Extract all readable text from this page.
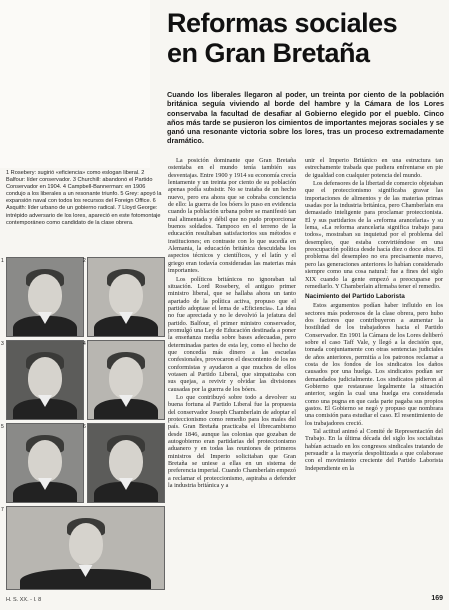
Reformas sociales
en Gran Bretaña

Cuando los liberales llegaron al poder, un treinta por ciento de la población británica seguía viviendo al borde del hambre y la Cámara de los Lores conservaba la facultad de desafiar al Gobierno elegido por el pueblo. Cinco años más tarde se pusieron los cimientos de importantes mejoras sociales y se ganó una resonante victoria sobre los lores, tras un proceso extremadamente dramático.

1 Rosebery: sugirió «eficiencia» como eslogan liberal. 2 Balfour: líder conservador. 3 Churchill: abandonó el Partido Conservador en 1904. 4 Campbell-Bannerman: en 1906 condujo a los liberales a un resonante triunfo. 5 Grey: apoyó la expansión naval con todos los recursos del Foreign Office. 6 Asquith: líder urbano de un gobierno radical. 7 Lloyd George: intrépido adversario de los lores, apareció en este fotomontaje contemporáneo como candidato de la clase obrera.

1	2
3	4
5	6
7

La posición dominante que Gran Bretaña ostentaba en el mundo tenía también sus desventajas. Entre 1900 y 1914 su economía crecía lentamente y un treinta por ciento de su población apenas podía subsistir. No se trataba de un hecho nuevo, pero era ahora que se cobraba conciencia de ello: la guerra de los bóers lo puso en evidencia cuando la población urbana pobre se manifestó tan mal alimentada y débil que no pudo proporcionar buenos soldados. Tampoco en el terreno de la educación resultaban satisfactorios sus métodos e instituciones; en contraste con lo que sucedía en Alemania, la educación británica descuidaba los aspectos técnicos y científicos, y el latín y el griego eran todavía consideradas las materias más importantes.

Los políticos británicos no ignoraban tal situación. Lord Rosebery, el antiguo primer ministro liberal, que se hallaba ahora un tanto apartado de la política activa, propuso que el partido adoptase el lema de «Eficiencia». La idea no fue apreciada y no le devolvió la jefatura del partido. Balfour, el primer ministro conservador, promulgó una Ley de Educación destinada a poner la enseñanza media sobre bases adecuadas, pero determinadas partes de esta ley, como el hecho de que concedía más dinero a las escuelas confesionales, provocaron el descontento de los no conformistas y ayudaron a que muchos de ellos votasen al Partido Liberal, que simpatizaba con sus quejas, a revivir y olvidar las divisiones causadas por la guerra de los bóers.

Lo que contribuyó sobre todo a devolver su buena fortuna al Partido Liberal fue la propuesta del conservador Joseph Chamberlain de adoptar el proteccionismo como remedio para los males del país. Gran Bretaña practicaba el librecambismo desde 1846, aunque las colonias que gozaban de autogobierno eran partidarias del proteccionismo aduanero y en todas las reuniones de primeros ministros del Imperio solicitaban que Gran Bretaña se uniese a ellas en un sistema de preferencia imperial. Cuando Chamberlain empezó a reclamar el proteccionismo, aspiraba a defender la industria británica y a

unir el Imperio Británico en una estructura tan estrechamente trabada que pudiera enfrentarse en pie de igualdad con cualquier potencia del mundo.

Los defensores de la libertad de comercio objetaban que el proteccionismo significaba gravar las importaciones de alimentos y de las materias primas usadas por la industria británica, pero Chamberlain era demasiado inteligente para proclamar proteccionista. El y sus partidarios de la «reforma arancelaria» y su lema, «La reforma arancelaria significa trabajo para todos», mostraban su inquietud por el problema del desempleo, que estaba convirtiéndose en una preocupación política desde hacía diez o doce años. El problema del desempleo no era precisamente nuevo, pero las generaciones anteriores lo habían considerado siempre como una cosa natural: fue a fines del siglo XIX cuando la gente empezó a preocuparse por remediarlo. Y Chamberlain afirmaba tener el remedio.

Nacimiento del Partido Laborista

Estos argumentos podían haber influido en los sectores más poderosos de la clase obrera, pero hubo dos factores que contribuyeron a aumentar la hostilidad de los trabajadores hacia el Partido Conservador. En 1901 la Cámara de los Lores deliberó sobre el caso Taff Vale, y llegó a la decisión que, tomada conjuntamente con otras sentencias judiciales de años anteriores, permitía a los patronos reclamar a costa de los fondos de los sindicatos los daños causados por una huelga. Los sindicatos podían ser demandados judicialmente. Los sindicatos pidieron al Gobierno que restaurase legalmente la situación anterior, según la cual una huelga era considerada como una pugna en que cada parte pagaba sus propios gastos. El Gobierno se negó y propuso que nombrara una comisión para estudiar el caso. El resentimiento de los trabajadores creció.

Tal actitud animó al Comité de Representación del Trabajo. En la última década del siglo los socialistas habían actuado en los congresos sindicales tratando de persuadir a la mayoría despolitizada a que colaborase con el movimiento creciente del Partido Laborista Independiente en la

H. S. XX. - I. 8	169
